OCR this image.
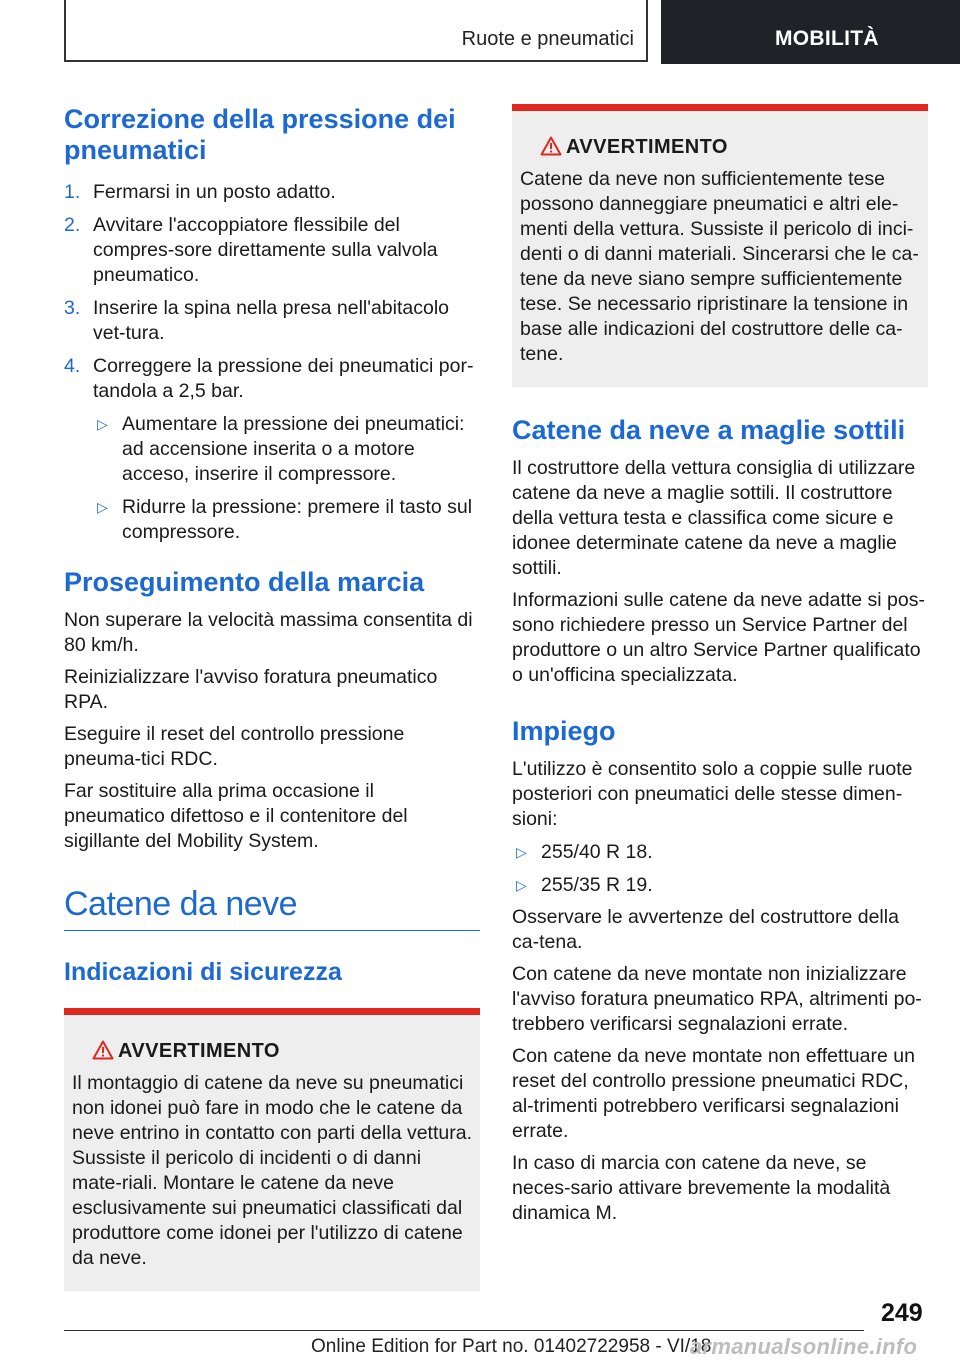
Ruote e pneumatici	MOBILITÀ
Correzione della pressione dei pneumatici
1. Fermarsi in un posto adatto.

2. Avvitare l'accoppiatore flessibile del compres‐sore direttamente sulla valvola pneumatico.

3. Inserire la spina nella presa nell'abitacolo vet‐tura.

4. Correggere la pressione dei pneumatici por‐tandola a 2,5 bar.

▷ Aumentare la pressione dei pneumatici: ad accensione inserita o a motore acceso, inserire il compressore.

▷ Ridurre la pressione: premere il tasto sul compressore.

Proseguimento della marcia

Non superare la velocità massima consentita di 80 km/h.

Reinizializzare l'avviso foratura pneumatico RPA.

Eseguire il reset del controllo pressione pneuma‐tici RDC.

Far sostituire alla prima occasione il pneumatico difettoso e il contenitore del sigillante del Mobility System.

Catene da neve
Indicazioni di sicurezza
AVVERTIMENTO

Il montaggio di catene da neve su pneumatici non idonei può fare in modo che le catene da neve entrino in contatto con parti della vettura. Sussiste il pericolo di incidenti o di danni mate‐riali. Montare le catene da neve esclusivamente sui pneumatici classificati dal produttore come idonei per l'utilizzo di catene da neve.

AVVERTIMENTO

Catene da neve non sufficientemente tese possono danneggiare pneumatici e altri ele‐menti della vettura. Sussiste il pericolo di inci‐denti o di danni materiali. Sincerarsi che le ca‐tene da neve siano sempre sufficientemente tese. Se necessario ripristinare la tensione in base alle indicazioni del costruttore delle ca‐tene.

Catene da neve a maglie sottili

Il costruttore della vettura consiglia di utilizzare catene da neve a maglie sottili. Il costruttore della vettura testa e classifica come sicure e idonee determinate catene da neve a maglie sottili.

Informazioni sulle catene da neve adatte si pos‐sono richiedere presso un Service Partner del produttore o un altro Service Partner qualificato o un'officina specializzata.

Impiego

L'utilizzo è consentito solo a coppie sulle ruote posteriori con pneumatici delle stesse dimen‐sioni:

▷ 255/40 R 18.

▷ 255/35 R 19.

Osservare le avvertenze del costruttore della ca‐tena.

Con catene da neve montate non inizializzare l'avviso foratura pneumatico RPA, altrimenti po‐trebbero verificarsi segnalazioni errate.

Con catene da neve montate non effettuare un reset del controllo pressione pneumatici RDC, al‐trimenti potrebbero verificarsi segnalazioni errate.

In caso di marcia con catene da neve, se neces‐sario attivare brevemente la modalità dinamica M.

249
Online Edition for Part no. 01402722958 - VI/18
armanualsonline.info
